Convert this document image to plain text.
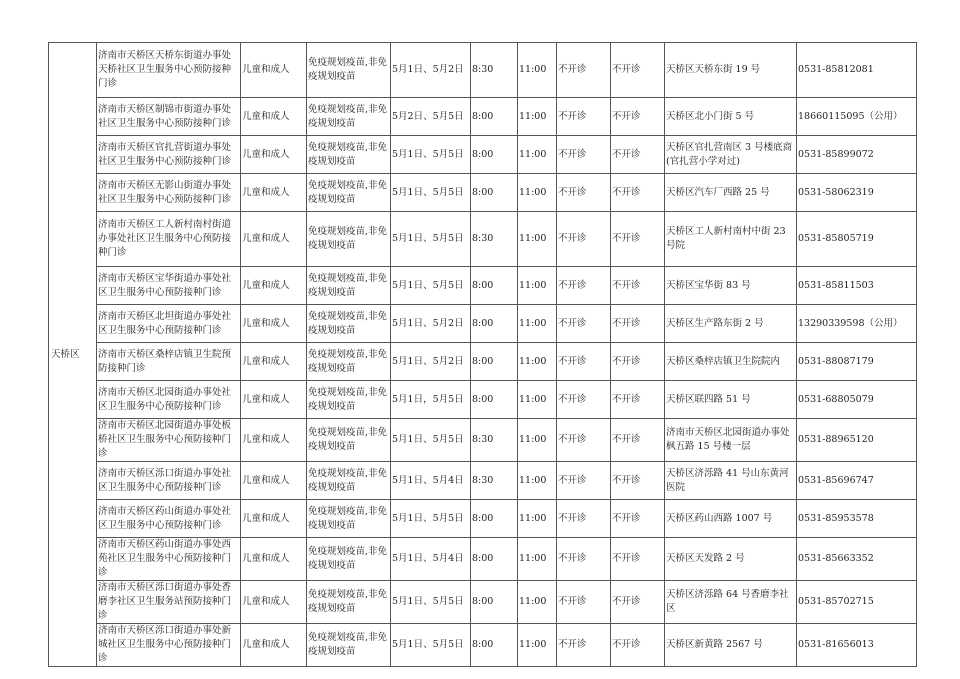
天桥区	济南市天桥区天桥东街道办事处天桥社区卫生服务中心预防接种门诊	儿童和成人	免疫规划疫苗,非免疫规划疫苗	5月1日、5月2日	8:30	11:00	不开诊	不开诊	天桥区天桥东街 19 号	0531-85812081
	济南市天桥区制锦市街道办事处社区卫生服务中心预防接种门诊	儿童和成人	免疫规划疫苗,非免疫规划疫苗	5月2日、5月5日	8:00	11:00	不开诊	不开诊	天桥区北小门街 5 号	18660115095（公用）
	济南市天桥区官扎营街道办事处社区卫生服务中心预防接种门诊	儿童和成人	免疫规划疫苗,非免疫规划疫苗	5月1日、5月5日	8:00	11:00	不开诊	不开诊	天桥区官扎营南区 3 号楼底商(官扎营小学对过)	0531-85899072
	济南市天桥区无影山街道办事处社区卫生服务中心预防接种门诊	儿童和成人	免疫规划疫苗,非免疫规划疫苗	5月1日、5月5日	8:00	11:00	不开诊	不开诊	天桥区汽车厂西路 25 号	0531-58062319
	济南市天桥区工人新村南村街道办事处社区卫生服务中心预防接种门诊	儿童和成人	免疫规划疫苗,非免疫规划疫苗	5月1日、5月5日	8:30	11:00	不开诊	不开诊	天桥区工人新村南村中街 23 号院	0531-85805719
	济南市天桥区宝华街道办事处社区卫生服务中心预防接种门诊	儿童和成人	免疫规划疫苗,非免疫规划疫苗	5月1日、5月5日	8:00	11:00	不开诊	不开诊	天桥区宝华街 83 号	0531-85811503
	济南市天桥区北坦街道办事处社区卫生服务中心预防接种门诊	儿童和成人	免疫规划疫苗,非免疫规划疫苗	5月1日、5月2日	8:00	11:00	不开诊	不开诊	天桥区生产路东街 2 号	13290339598（公用）
	济南市天桥区桑梓店镇卫生院预防接种门诊	儿童和成人	免疫规划疫苗,非免疫规划疫苗	5月1日、5月2日	8:00	11:00	不开诊	不开诊	天桥区桑梓店镇卫生院院内	0531-88087179
	济南市天桥区北园街道办事处社区卫生服务中心预防接种门诊	儿童和成人	免疫规划疫苗,非免疫规划疫苗	5月1日，5月5日	8:00	11:00	不开诊	不开诊	天桥区联四路 51 号	0531-68805079
	济南市天桥区北园街道办事处板桥社区卫生服务中心预防接种门诊	儿童和成人	免疫规划疫苗,非免疫规划疫苗	5月1日、5月5日	8:30	11:00	不开诊	不开诊	济南市天桥区北园街道办事处枫五路 15 号楼一层	0531-88965120
	济南市天桥区泺口街道办事处社区卫生服务中心预防接种门诊	儿童和成人	免疫规划疫苗,非免疫规划疫苗	5月1日、5月4日	8:30	11:00	不开诊	不开诊	天桥区济泺路 41 号山东黄河医院	0531-85696747
	济南市天桥区药山街道办事处社区卫生服务中心预防接种门诊	儿童和成人	免疫规划疫苗,非免疫规划疫苗	5月1日、5月5日	8:00	11:00	不开诊	不开诊	天桥区药山西路 1007 号	0531-85953578
	济南市天桥区药山街道办事处西苑社区卫生服务中心预防接种门诊	儿童和成人	免疫规划疫苗,非免疫规划疫苗	5月1日、5月4日	8:00	11:00	不开诊	不开诊	天桥区天发路 2 号	0531-85663352
	济南市天桥区泺口街道办事处香磨李社区卫生服务站预防接种门诊	儿童和成人	免疫规划疫苗,非免疫规划疫苗	5月1日、5月5日	8:00	11:00	不开诊	不开诊	天桥区济泺路 64 号香磨李社区	0531-85702715
	济南市天桥区泺口街道办事处新城社区卫生服务中心预防接种门诊	儿童和成人	免疫规划疫苗,非免疫规划疫苗	5月1日、5月5日	8:00	11:00	不开诊	不开诊	天桥区新黄路 2567 号	0531-81656013
